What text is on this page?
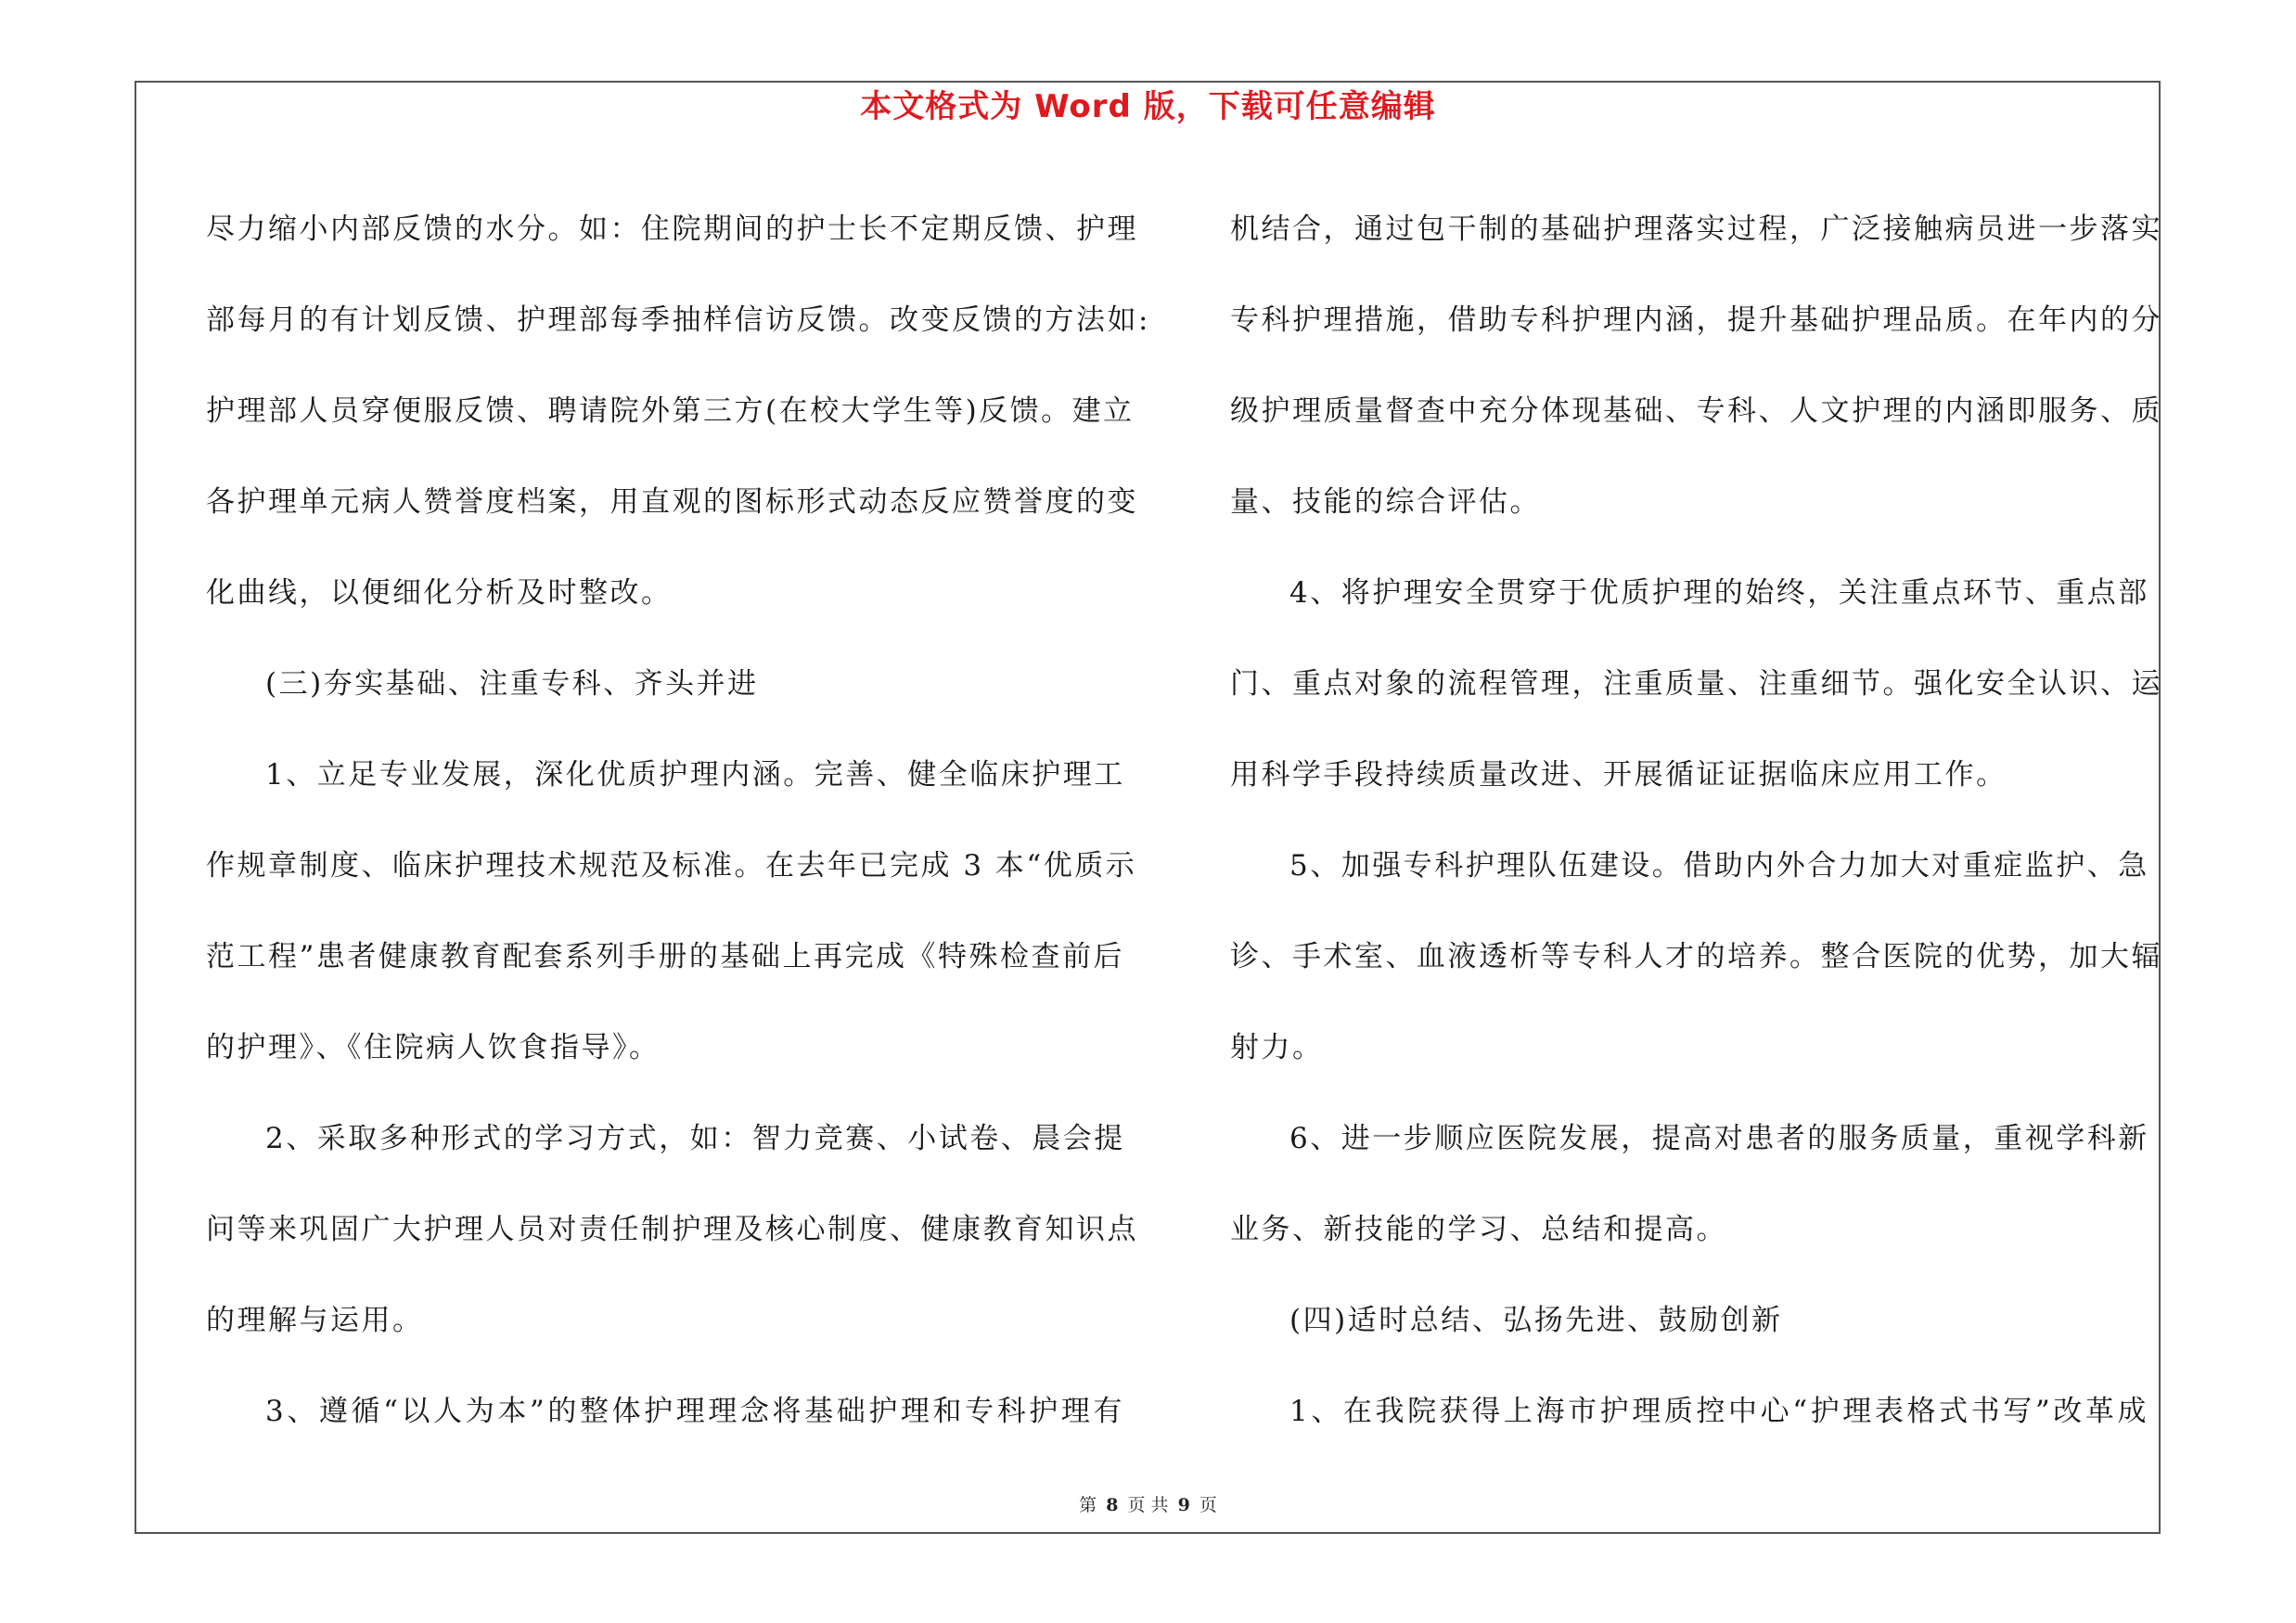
本文格式为 Word 版，下载可任意编辑
尽力缩小内部反馈的水分。如：住院期间的护士长不定期反馈、护理
部每月的有计划反馈、护理部每季抽样信访反馈。改变反馈的方法如:
护理部人员穿便服反馈、聘请院外第三方(在校大学生等)反馈。建立
各护理单元病人赞誉度档案，用直观的图标形式动态反应赞誉度的变
化曲线，以便细化分析及时整改。
(三)夯实基础、注重专科、齐头并进
1、立足专业发展，深化优质护理内涵。完善、健全临床护理工
作规章制度、临床护理技术规范及标准。在去年已完成 3 本“优质示
范工程”患者健康教育配套系列手册的基础上再完成《特殊检查前后
的护理》、《住院病人饮食指导》。
2、采取多种形式的学习方式，如：智力竞赛、小试卷、晨会提
问等来巩固广大护理人员对责任制护理及核心制度、健康教育知识点
的理解与运用。
3、遵循“以人为本”的整体护理理念将基础护理和专科护理有
机结合，通过包干制的基础护理落实过程，广泛接触病员进一步落实
专科护理措施，借助专科护理内涵，提升基础护理品质。在年内的分
级护理质量督查中充分体现基础、专科、人文护理的内涵即服务、质
量、技能的综合评估。
4、将护理安全贯穿于优质护理的始终，关注重点环节、重点部
门、重点对象的流程管理，注重质量、注重细节。强化安全认识、运
用科学手段持续质量改进、开展循证证据临床应用工作。
5、加强专科护理队伍建设。借助内外合力加大对重症监护、急
诊、手术室、血液透析等专科人才的培养。整合医院的优势，加大辐
射力。
6、进一步顺应医院发展，提高对患者的服务质量，重视学科新
业务、新技能的学习、总结和提高。
(四)适时总结、弘扬先进、鼓励创新
1、在我院获得上海市护理质控中心“护理表格式书写”改革成
第 8 页 共 9 页
